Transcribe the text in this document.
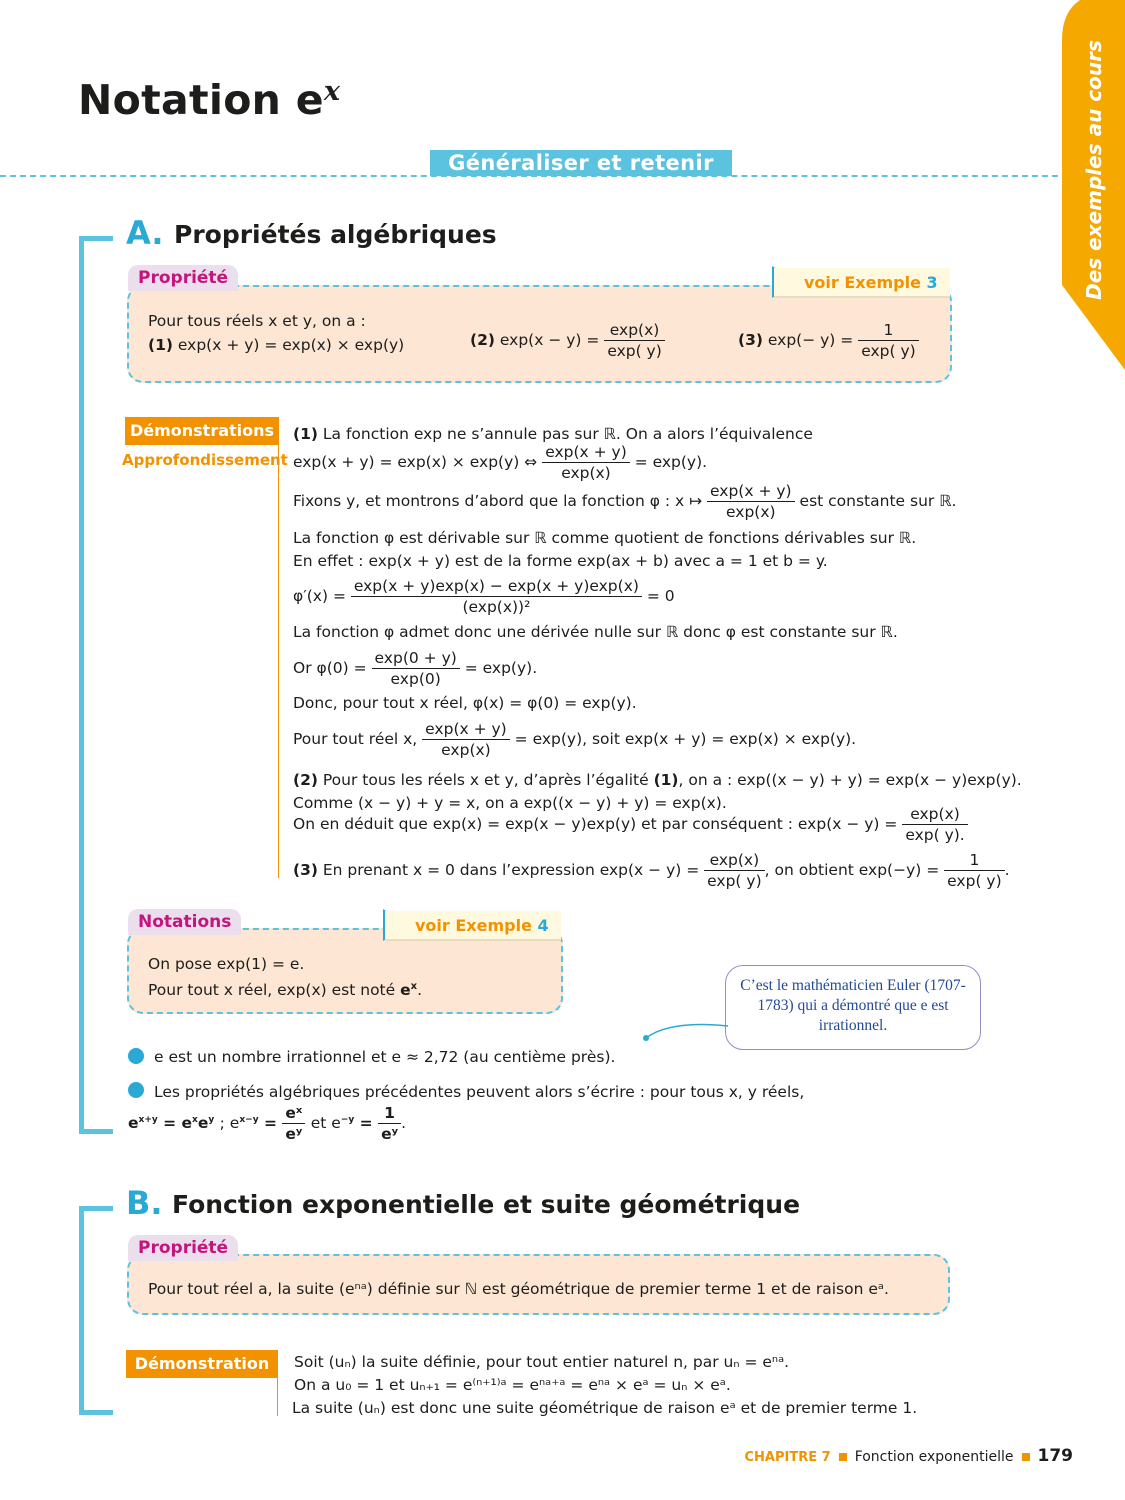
Notation $e^x$
Généraliser et retenir	Des exemples au cours
A. Propriétés algébriques
Propriété	voir Exemple 3
Pour tous réels x et y, on a :
(1) exp(x + y) = exp(x) × exp(y)	(2) $\exp(x - y) = \frac{\exp(x)}{\exp( y)}$	(3) $\exp(- y) = \frac{1}{\exp( y)}$
Démonstrations
Approfondissement
(1) La fonction exp ne s’annule pas sur ℝ. On a alors l’équivalence
exp(x + y) = exp(x) × exp(y) ⇔ $\frac{\exp(x + y)}{\exp(x)} = \exp(y)$.
Fixons y, et montrons d’abord que la fonction φ : x ↦ $\frac{\exp(x + y)}{\exp(x)}$ est constante sur ℝ.
La fonction φ est dérivable sur ℝ comme quotient de fonctions dérivables sur ℝ.
En effet : exp(x + y) est de la forme exp(ax + b) avec a = 1 et b = y.
$\varphi'(x) = \frac{\exp(x + y)\exp(x) - \exp(x + y)\exp(x)}{\text{(exp(x))²}} = 0$
La fonction φ admet donc une dérivée nulle sur ℝ donc φ est constante sur ℝ.
Or $\varphi(0) = \frac{\exp(0 + y)}{\exp(0)} = \exp(y)$.
Donc, pour tout x réel, φ(x) = φ(0) = exp(y).
Pour tout réel x, $\frac{\exp(x + y)}{\exp(x)} = \exp(y)$, soit exp(x + y) = exp(x) × exp(y).
(2) Pour tous les réels x et y, d’après l’égalité (1), on a : exp((x − y) + y) = exp(x − y)exp(y).
Comme (x − y) + y = x, on a exp((x − y) + y) = exp(x).
On en déduit que exp(x) = exp(x − y)exp(y) et par conséquent : $\exp(x - y) = \frac{\exp(x)}{\exp( y).}$
(3) En prenant x = 0 dans l’expression $\exp(x - y) = \frac{\exp(x)}{\exp( y)}$ , on obtient $\exp(-y) = \frac{1}{\exp( y)}$ .
Notations	voir Exemple 4
On pose exp(1) = e.
Pour tout x réel, exp(x) est noté $e^x$.	C’est le mathématicien Euler (1707-1783) qui a démontré que e est irrationnel.
e est un nombre irrationnel et e ≈ 2,72 (au centième près).
Les propriétés algébriques précédentes peuvent alors s’écrire : pour tous x, y réels,
$e^{x+y} = e^xe^y$ ; $e^{x-y} = \frac{\text{eˣ}}{\text{eʸ}}$ et $e^{-y} = \frac{1}{\text{eʸ}}$ .
B. Fonction exponentielle et suite géométrique
Propriété
Pour tout réel a, la suite (eⁿᵃ) définie sur ℕ est géométrique de premier terme 1 et de raison eᵃ.
Démonstration	Soit (uₙ) la suite définie, pour tout entier naturel n, par uₙ = eⁿᵃ.
On a u₀ = 1 et uₙ₊₁ = e⁽ⁿ⁺¹⁾ᵃ = eⁿᵃ⁺ᵃ = eⁿᵃ × eᵃ = uₙ × eᵃ.
La suite (uₙ) est donc une suite géométrique de raison eᵃ et de premier terme 1.
CHAPITRE 7 Fonction exponentielle 179
